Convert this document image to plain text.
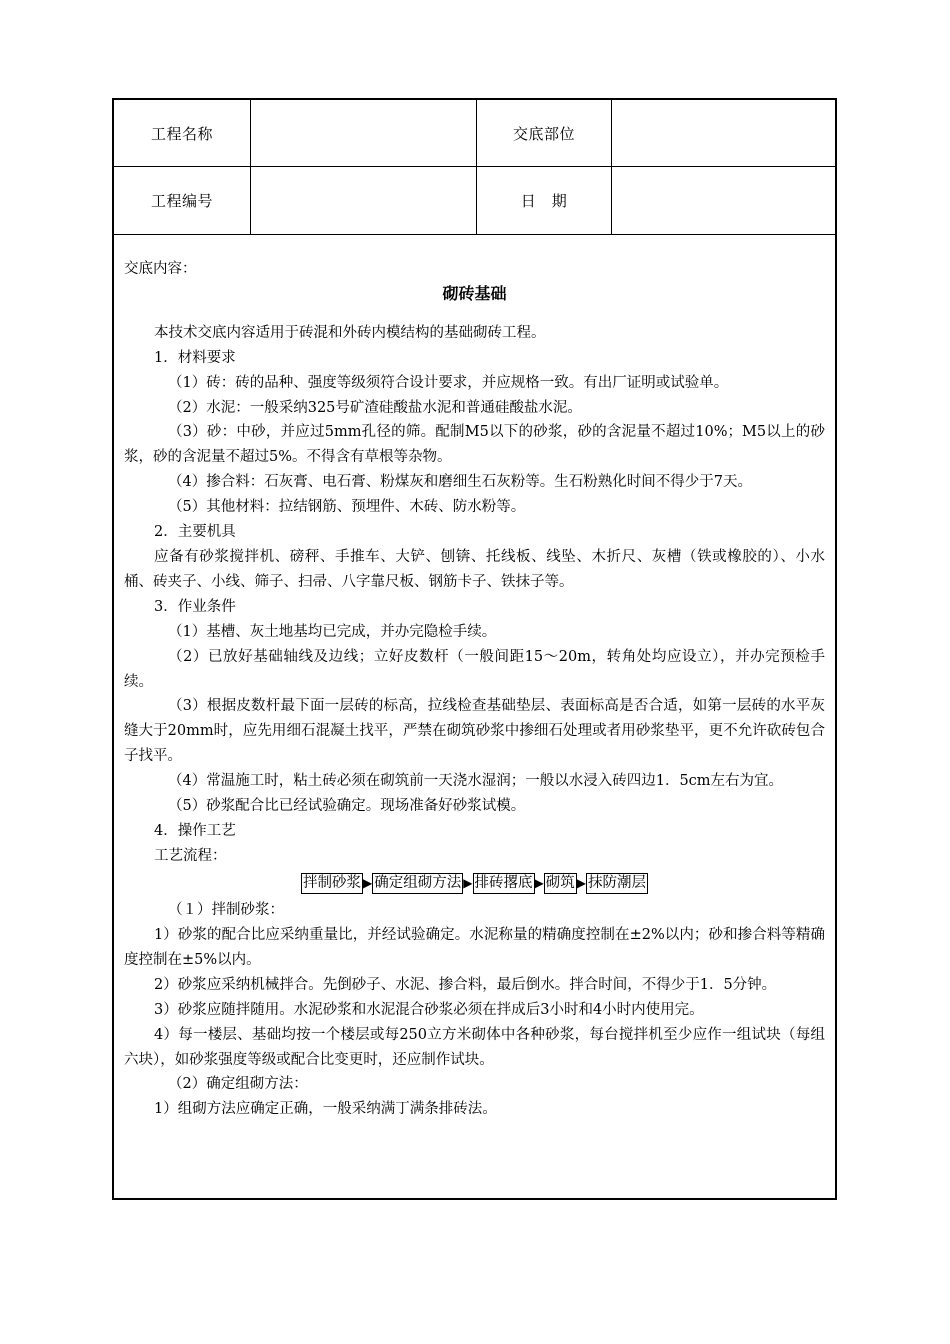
工程名称	交底部位
工程编号	日　期

交底内容：

砌砖基础

本技术交底内容适用于砖混和外砖内模结构的基础砌砖工程。

1．材料要求

（1）砖：砖的品种、强度等级须符合设计要求，并应规格一致。有出厂证明或试验单。

（2）水泥：一般采纳325号矿渣硅酸盐水泥和普通硅酸盐水泥。

（3）砂：中砂，并应过5mm孔径的筛。配制M5以下的砂浆，砂的含泥量不超过10%；M5以上的砂浆，砂的含泥量不超过5%。不得含有草根等杂物。

（4）掺合料：石灰膏、电石膏、粉煤灰和磨细生石灰粉等。生石粉熟化时间不得少于7天。

（5）其他材料：拉结钢筋、预埋件、木砖、防水粉等。

2．主要机具

应备有砂浆搅拌机、磅秤、手推车、大铲、刨锛、托线板、线坠、木折尺、灰槽（铁或橡胶的）、小水桶、砖夹子、小线、筛子、扫帚、八字靠尺板、钢筋卡子、铁抹子等。

3．作业条件

（1）基槽、灰土地基均已完成，并办完隐检手续。

（2）已放好基础轴线及边线；立好皮数杆（一般间距15～20m，转角处均应设立），并办完预检手续。

（3）根据皮数杆最下面一层砖的标高，拉线检查基础垫层、表面标高是否合适，如第一层砖的水平灰缝大于20mm时，应先用细石混凝土找平，严禁在砌筑砂浆中掺细石处理或者用砂浆垫平，更不允许砍砖包合子找平。

（4）常温施工时，粘土砖必须在砌筑前一天浇水湿润；一般以水浸入砖四边1．5cm左右为宜。

（5）砂浆配合比已经试验确定。现场准备好砂浆试模。

4．操作工艺

工艺流程：

拌制砂浆 ▶ 确定组砌方法 ▶ 排砖撂底 ▶ 砌筑 ▶ 抹防潮层

（１）拌制砂浆：

1）砂浆的配合比应采纳重量比，并经试验确定。水泥称量的精确度控制在±2%以内；砂和掺合料等精确度控制在±5%以内。

2）砂浆应采纳机械拌合。先倒砂子、水泥、掺合料，最后倒水。拌合时间，不得少于1．5分钟。

3）砂浆应随拌随用。水泥砂浆和水泥混合砂浆必须在拌成后3小时和4小时内使用完。

4）每一楼层、基础均按一个楼层或每250立方米砌体中各种砂浆，每台搅拌机至少应作一组试块（每组六块），如砂浆强度等级或配合比变更时，还应制作试块。

（2）确定组砌方法：

1）组砌方法应确定正确，一般采纳满丁满条排砖法。
